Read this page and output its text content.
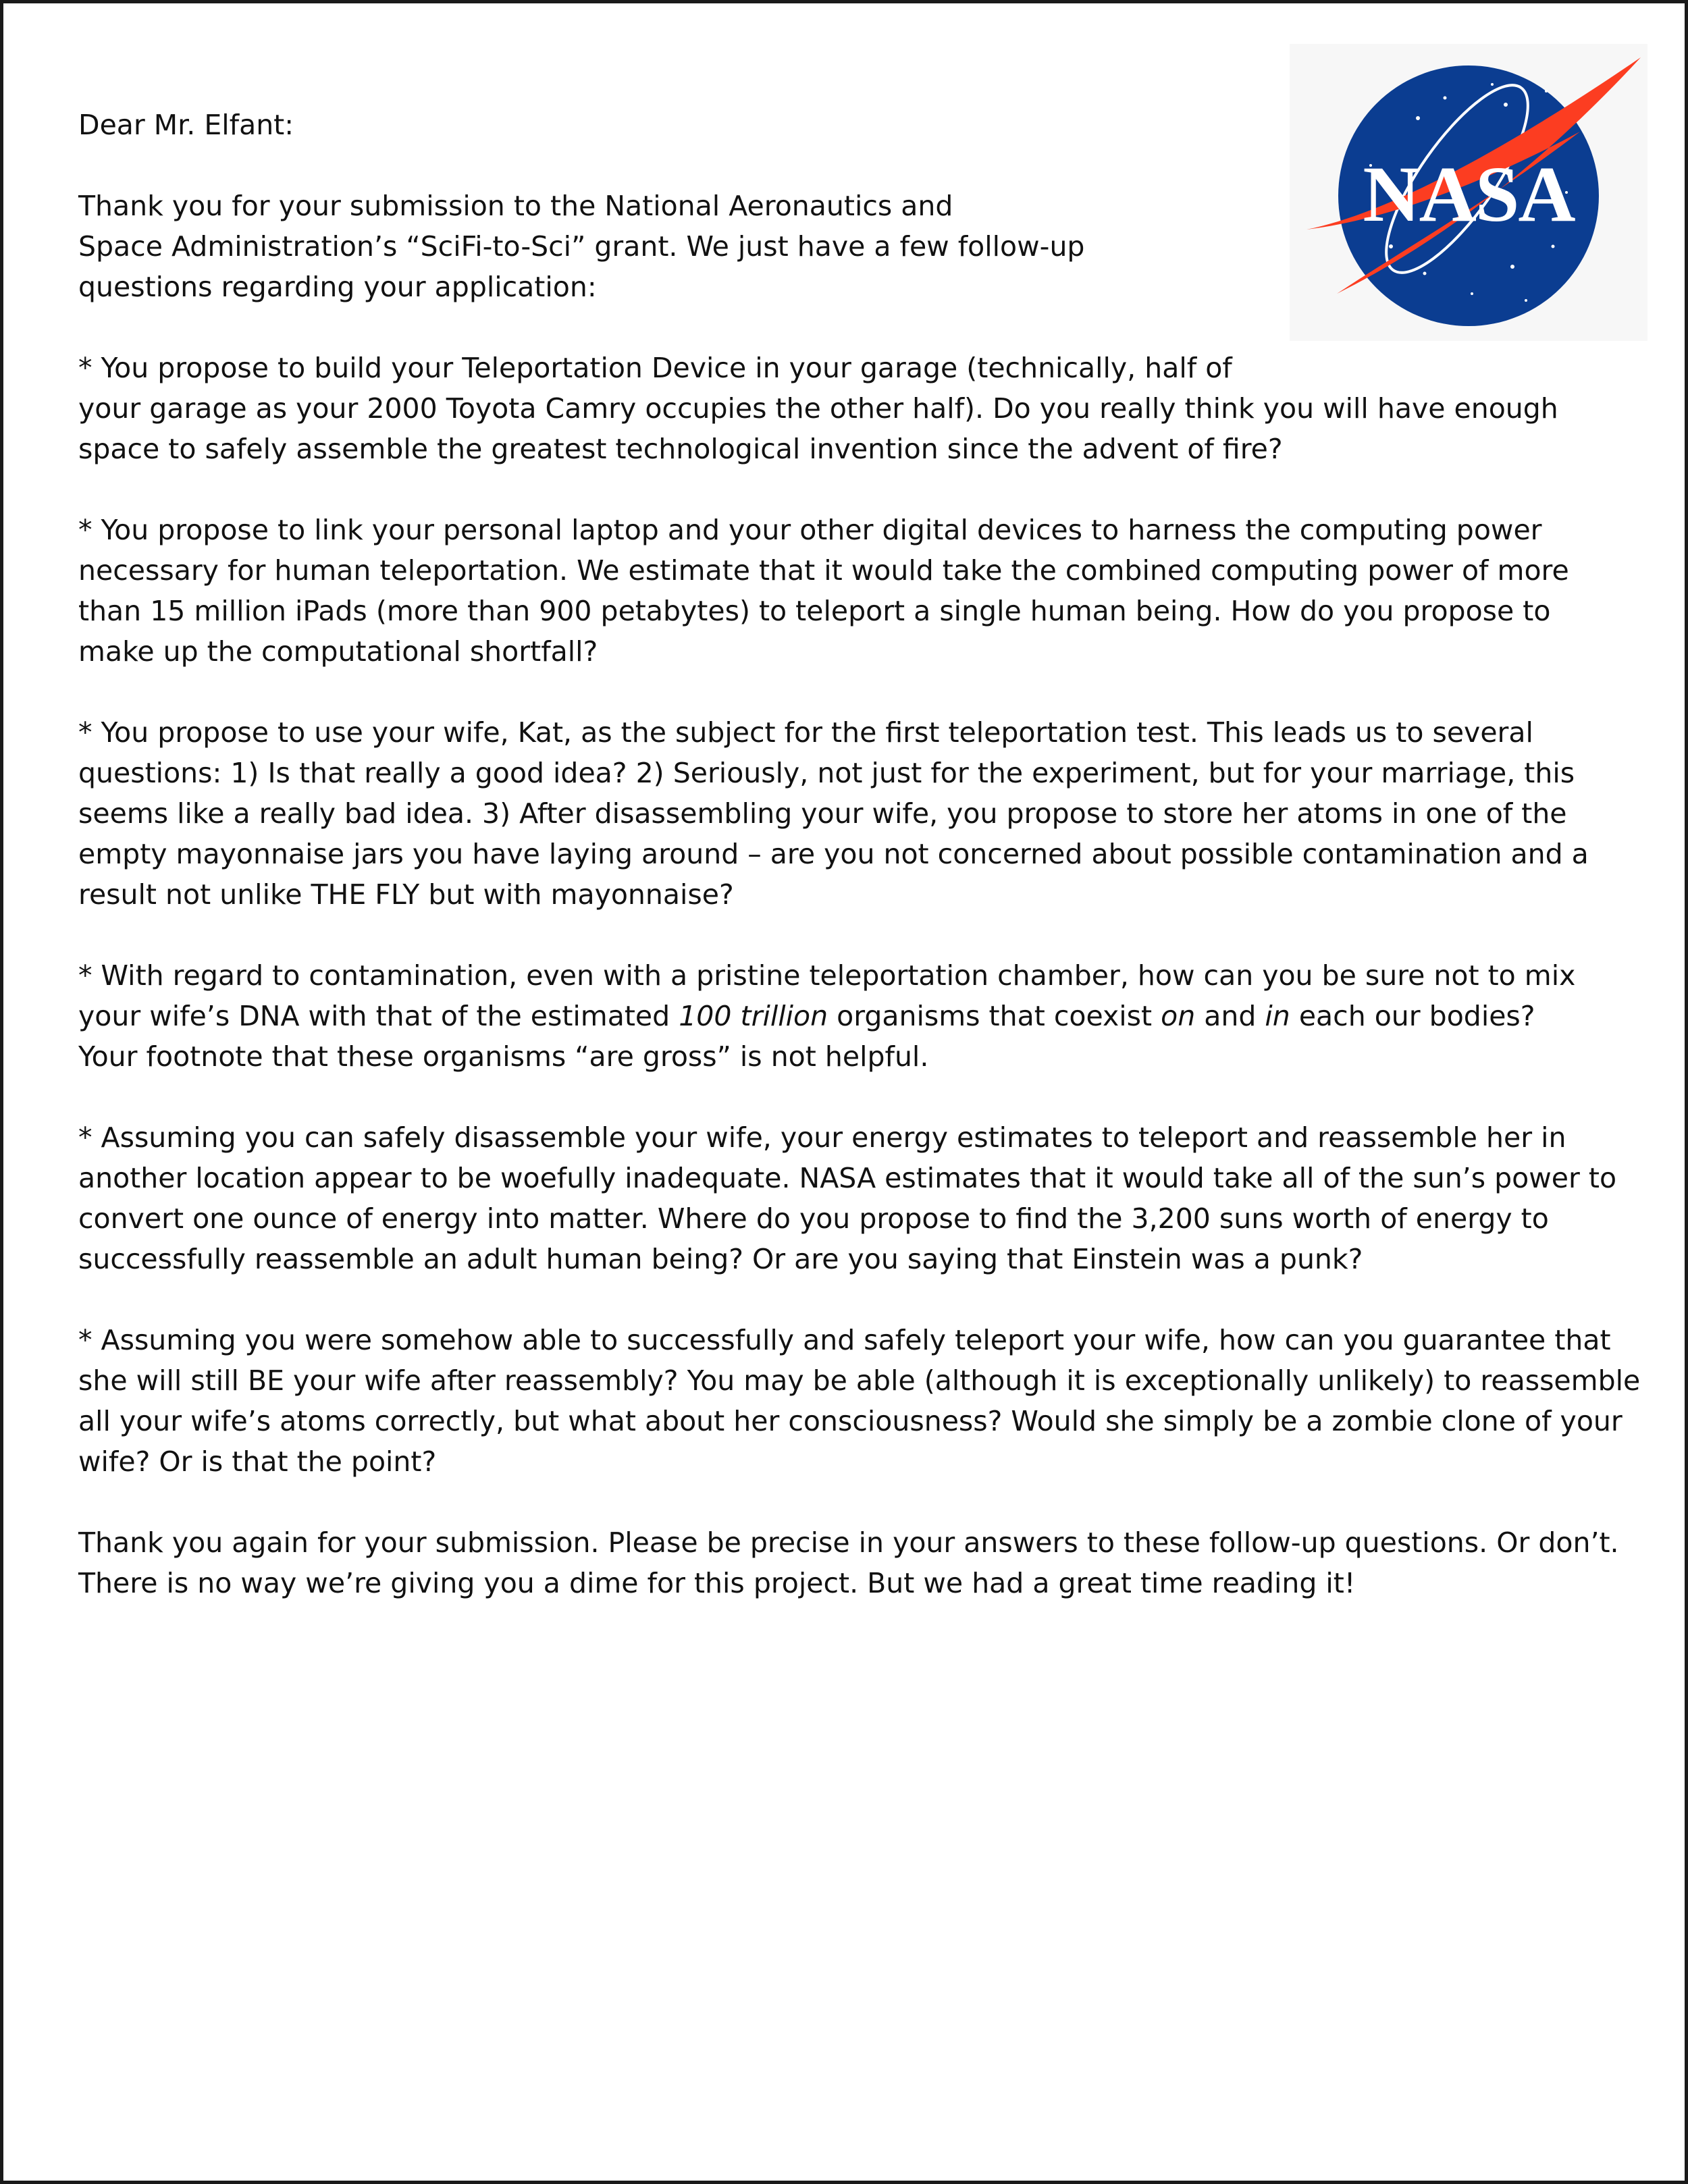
NASA
Dear Mr. Elfant:
Thank you for your submission to the National Aeronautics and
Space Administration’s “SciFi-to-Sci” grant. We just have a few follow-up
questions regarding your application:
* You propose to build your Teleportation Device in your garage (technically, half of
your garage as your 2000 Toyota Camry occupies the other half). Do you really think you will have enough
space to safely assemble the greatest technological invention since the advent of fire?
* You propose to link your personal laptop and your other digital devices to harness the computing power
necessary for human teleportation. We estimate that it would take the combined computing power of more
than 15 million iPads (more than 900 petabytes) to teleport a single human being. How do you propose to
make up the computational shortfall?
* You propose to use your wife, Kat, as the subject for the first teleportation test. This leads us to several
questions: 1) Is that really a good idea? 2) Seriously, not just for the experiment, but for your marriage, this
seems like a really bad idea. 3) After disassembling your wife, you propose to store her atoms in one of the
empty mayonnaise jars you have laying around – are you not concerned about possible contamination and a
result not unlike THE FLY but with mayonnaise?
* With regard to contamination, even with a pristine teleportation chamber, how can you be sure not to mix
your wife’s DNA with that of the estimated 100 trillion organisms that coexist on and in each our bodies?
Your footnote that these organisms “are gross” is not helpful.
* Assuming you can safely disassemble your wife, your energy estimates to teleport and reassemble her in
another location appear to be woefully inadequate. NASA estimates that it would take all of the sun’s power to
convert one ounce of energy into matter. Where do you propose to find the 3,200 suns worth of energy to
successfully reassemble an adult human being? Or are you saying that Einstein was a punk?
* Assuming you were somehow able to successfully and safely teleport your wife, how can you guarantee that
she will still BE your wife after reassembly? You may be able (although it is exceptionally unlikely) to reassemble
all your wife’s atoms correctly, but what about her consciousness? Would she simply be a zombie clone of your
wife? Or is that the point?
Thank you again for your submission. Please be precise in your answers to these follow-up questions. Or don’t.
There is no way we’re giving you a dime for this project. But we had a great time reading it!
